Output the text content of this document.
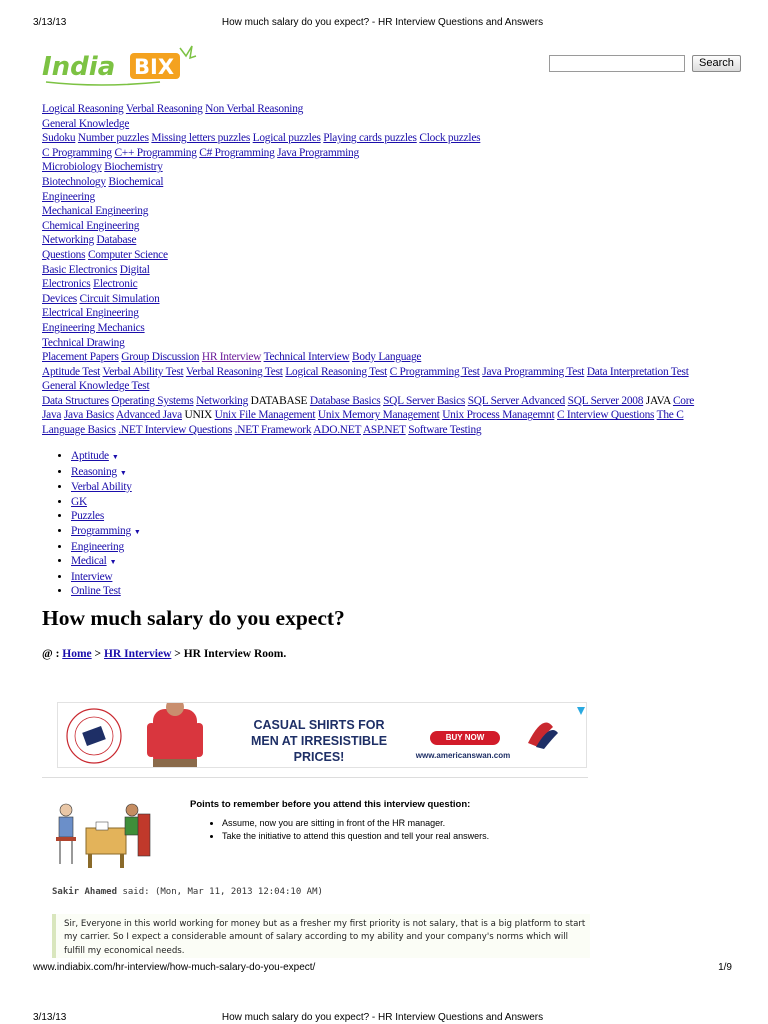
3/13/13	How much salary do you expect? - HR Interview Questions and Answers
India BIX	Search
Logical Reasoning Verbal Reasoning Non Verbal Reasoning
General Knowledge
Sudoku Number puzzles Missing letters puzzles Logical puzzles Playing cards puzzles Clock puzzles
C Programming C++ Programming C# Programming Java Programming
Microbiology Biochemistry
Biotechnology Biochemical
Engineering
Mechanical Engineering
Chemical Engineering
Networking Database
Questions Computer Science
Basic Electronics Digital
Electronics Electronic
Devices Circuit Simulation
Electrical Engineering
Engineering Mechanics
Technical Drawing
Placement Papers Group Discussion HR Interview Technical Interview Body Language
Aptitude Test Verbal Ability Test Verbal Reasoning Test Logical Reasoning Test C Programming Test Java Programming Test Data Interpretation Test
General Knowledge Test
Data Structures Operating Systems Networking DATABASE Database Basics SQL Server Basics SQL Server Advanced SQL Server 2008 JAVA Core
Java Java Basics Advanced Java UNIX Unix File Management Unix Memory Management Unix Process Managemnt C Interview Questions The C
Language Basics .NET Interview Questions .NET Framework ADO.NET ASP.NET Software Testing
• Aptitude ▼
• Reasoning ▼
• Verbal Ability
• GK
• Puzzles
• Programming ▼
• Engineering
• Medical ▼
• Interview
• Online Test
How much salary do you expect?
@ : Home > HR Interview > HR Interview Room.
CASUAL SHIRTS FOR
MEN AT IRRESISTIBLE
PRICES!
BUY NOW
www.americanswan.com
Points to remember before you attend this interview question:
• Assume, now you are sitting in front of the HR manager.
• Take the initiative to attend this question and tell your real answers.
Sakir Ahamed said: (Mon, Mar 11, 2013 12:04:10 AM)
Sir, Everyone in this world working for money but as a fresher my first priority is not salary, that is a big platform to start my carrier. So I expect a considerable amount of salary according to my ability and your company's norms which will fulfill my economical needs.
www.indiabix.com/hr-interview/how-much-salary-do-you-expect/	1/9
3/13/13	How much salary do you expect? - HR Interview Questions and Answers
